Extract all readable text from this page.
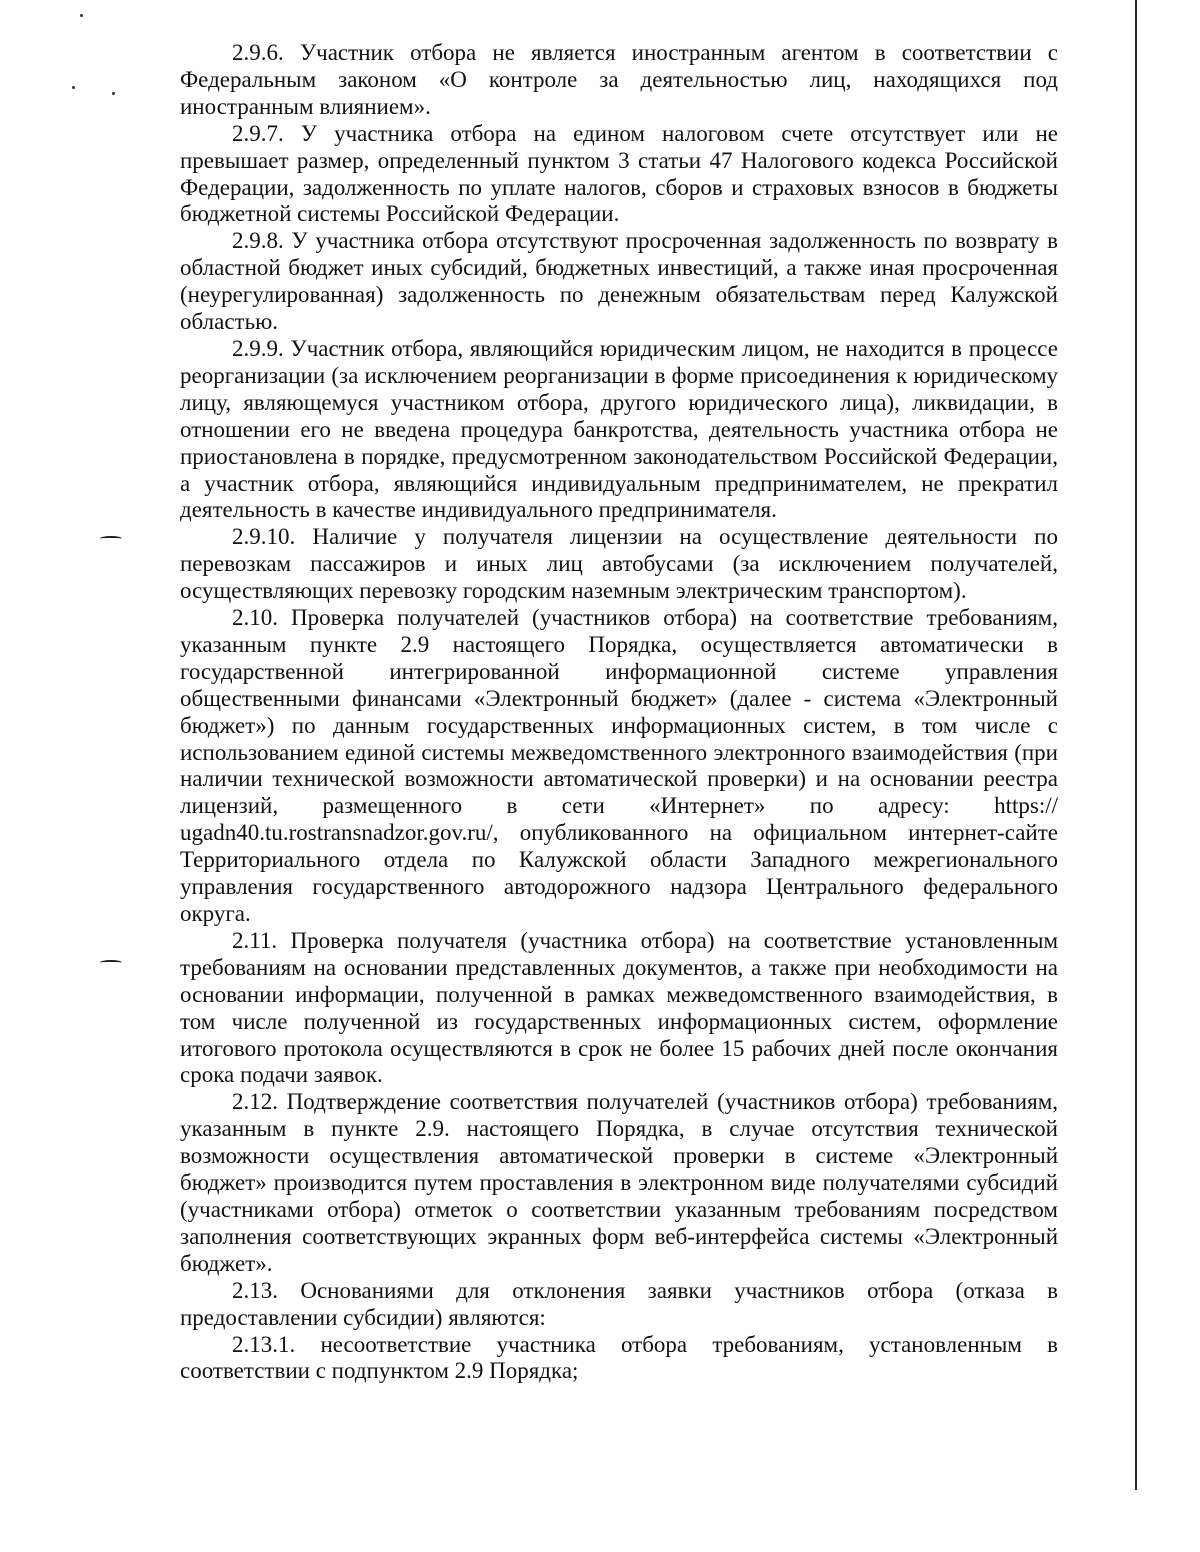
2.9.6. Участник отбора не является иностранным агентом в соответствии с Федеральным законом «О контроле за деятельностью лиц, находящихся под иностранным влиянием».

2.9.7. У участника отбора на едином налоговом счете отсутствует или не превышает размер, определенный пунктом 3 статьи 47 Налогового кодекса Российской Федерации, задолженность по уплате налогов, сборов и страховых взносов в бюджеты бюджетной системы Российской Федерации.

2.9.8. У участника отбора отсутствуют просроченная задолженность по возврату в областной бюджет иных субсидий, бюджетных инвестиций, а также иная просроченная (неурегулированная) задолженность по денежным обязательствам перед Калужской областью.

2.9.9. Участник отбора, являющийся юридическим лицом, не находится в процессе реорганизации (за исключением реорганизации в форме присоединения к юридическому лицу, являющемуся участником отбора, другого юридического лица), ликвидации, в отношении его не введена процедура банкротства, деятельность участника отбора не приостановлена в порядке, предусмотренном законодательством Российской Федерации, а участник отбора, являющийся индивидуальным предпринимателем, не прекратил деятельность в качестве индивидуального предпринимателя.

2.9.10. Наличие у получателя лицензии на осуществление деятельности по перевозкам пассажиров и иных лиц автобусами (за исключением получателей, осуществляющих перевозку городским наземным электрическим транспортом).

2.10. Проверка получателей (участников отбора) на соответствие требованиям, указанным пункте 2.9 настоящего Порядка, осуществляется автоматически в государственной интегрированной информационной системе управления общественными финансами «Электронный бюджет» (далее - система «Электронный бюджет») по данным государственных информационных систем, в том числе с использованием единой системы межведомственного электронного взаимодействия (при наличии технической возможности автоматической проверки) и на основании реестра лицензий, размещенного в сети «Интернет» по адресу: https:// ugadn40.tu.rostransnadzor.gov.ru/, опубликованного на официальном интернет-сайте Территориального отдела по Калужской области Западного межрегионального управления государственного автодорожного надзора Центрального федерального округа.

2.11. Проверка получателя (участника отбора) на соответствие установленным требованиям на основании представленных документов, а также при необходимости на основании информации, полученной в рамках межведомственного взаимодействия, в том числе полученной из государственных информационных систем, оформление итогового протокола осуществляются в срок не более 15 рабочих дней после окончания срока подачи заявок.

2.12. Подтверждение соответствия получателей (участников отбора) требованиям, указанным в пункте 2.9. настоящего Порядка, в случае отсутствия технической возможности осуществления автоматической проверки в системе «Электронный бюджет» производится путем проставления в электронном виде получателями субсидий (участниками отбора) отметок о соответствии указанным требованиям посредством заполнения соответствующих экранных форм веб-интерфейса системы «Электронный бюджет».

2.13. Основаниями для отклонения заявки участников отбора (отказа в предоставлении субсидии) являются:

2.13.1. несоответствие участника отбора требованиям, установленным в соответствии с подпунктом 2.9 Порядка;
